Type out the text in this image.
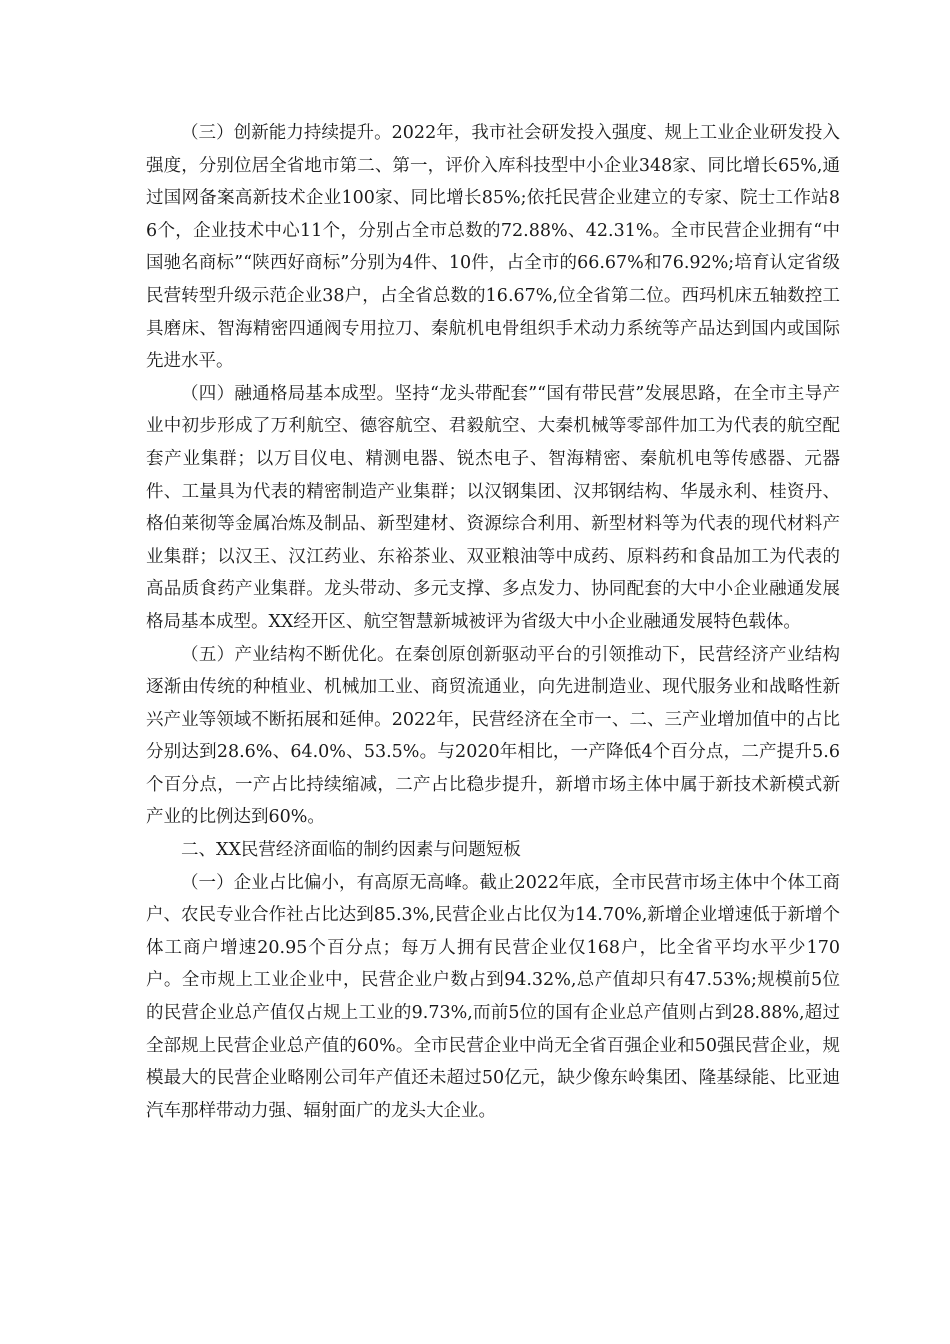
（三）创新能力持续提升。2022年，我市社会研发投入强度、规上工业企业研发投入强度，分别位居全省地市第二、第一，评价入库科技型中小企业348家、同比增长65%,通过国网备案高新技术企业100家、同比增长85%;依托民营企业建立的专家、院士工作站86个，企业技术中心11个，分别占全市总数的72.88%、42.31%。全市民营企业拥有“中国驰名商标”“陕西好商标”分别为4件、10件，占全市的66.67%和76.92%;培育认定省级民营转型升级示范企业38户，占全省总数的16.67%,位全省第二位。西玛机床五轴数控工具磨床、智海精密四通阀专用拉刀、秦航机电骨组织手术动力系统等产品达到国内或国际先进水平。

（四）融通格局基本成型。坚持“龙头带配套”“国有带民营”发展思路，在全市主导产业中初步形成了万利航空、德容航空、君毅航空、大秦机械等零部件加工为代表的航空配套产业集群；以万目仪电、精测电器、锐杰电子、智海精密、秦航机电等传感器、元器件、工量具为代表的精密制造产业集群；以汉钢集团、汉邦钢结构、华晟永利、桂资丹、格伯莱彻等金属冶炼及制品、新型建材、资源综合利用、新型材料等为代表的现代材料产业集群；以汉王、汉江药业、东裕茶业、双亚粮油等中成药、原料药和食品加工为代表的高品质食药产业集群。龙头带动、多元支撑、多点发力、协同配套的大中小企业融通发展格局基本成型。XX经开区、航空智慧新城被评为省级大中小企业融通发展特色载体。

（五）产业结构不断优化。在秦创原创新驱动平台的引领推动下，民营经济产业结构逐渐由传统的种植业、机械加工业、商贸流通业，向先进制造业、现代服务业和战略性新兴产业等领域不断拓展和延伸。2022年，民营经济在全市一、二、三产业增加值中的占比分别达到28.6%、64.0%、53.5%。与2020年相比，一产降低4个百分点，二产提升5.6个百分点，一产占比持续缩减，二产占比稳步提升，新增市场主体中属于新技术新模式新产业的比例达到60%。

二、XX民营经济面临的制约因素与问题短板

（一）企业占比偏小，有高原无高峰。截止2022年底，全市民营市场主体中个体工商户、农民专业合作社占比达到85.3%,民营企业占比仅为14.70%,新增企业增速低于新增个体工商户增速20.95个百分点；每万人拥有民营企业仅168户，比全省平均水平少170户。全市规上工业企业中，民营企业户数占到94.32%,总产值却只有47.53%;规模前5位的民营企业总产值仅占规上工业的9.73%,而前5位的国有企业总产值则占到28.88%,超过全部规上民营企业总产值的60%。全市民营企业中尚无全省百强企业和50强民营企业，规模最大的民营企业略刚公司年产值还未超过50亿元，缺少像东岭集团、隆基绿能、比亚迪汽车那样带动力强、辐射面广的龙头大企业。
